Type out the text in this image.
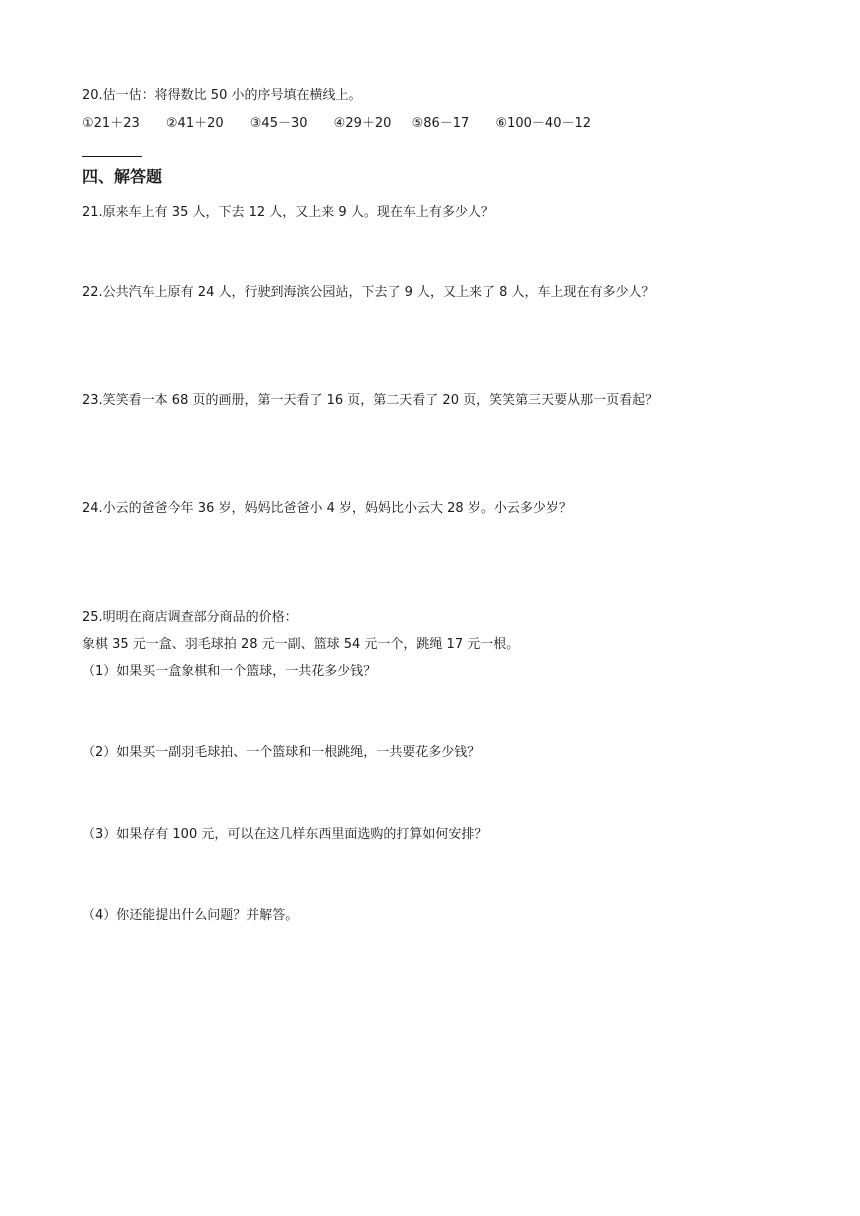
20.估一估：将得数比 50 小的序号填在横线上。
①21＋23 ②41＋20 ③45－30 ④29＋20 ⑤86－17 ⑥100－40－12
四、解答题
21.原来车上有 35 人，下去 12 人，又上来 9 人。现在车上有多少人？
22.公共汽车上原有 24 人，行驶到海滨公园站，下去了 9 人，又上来了 8 人，车上现在有多少人？
23.笑笑看一本 68 页的画册，第一天看了 16 页，第二天看了 20 页，笑笑第三天要从那一页看起？
24.小云的爸爸今年 36 岁，妈妈比爸爸小 4 岁，妈妈比小云大 28 岁。小云多少岁？
25.明明在商店调查部分商品的价格：
象棋 35 元一盒、羽毛球拍 28 元一副、篮球 54 元一个，跳绳 17 元一根。
（1）如果买一盒象棋和一个篮球，一共花多少钱？
（2）如果买一副羽毛球拍、一个篮球和一根跳绳，一共要花多少钱？
（3）如果存有 100 元，可以在这几样东西里面选购的打算如何安排？
（4）你还能提出什么问题？并解答。
